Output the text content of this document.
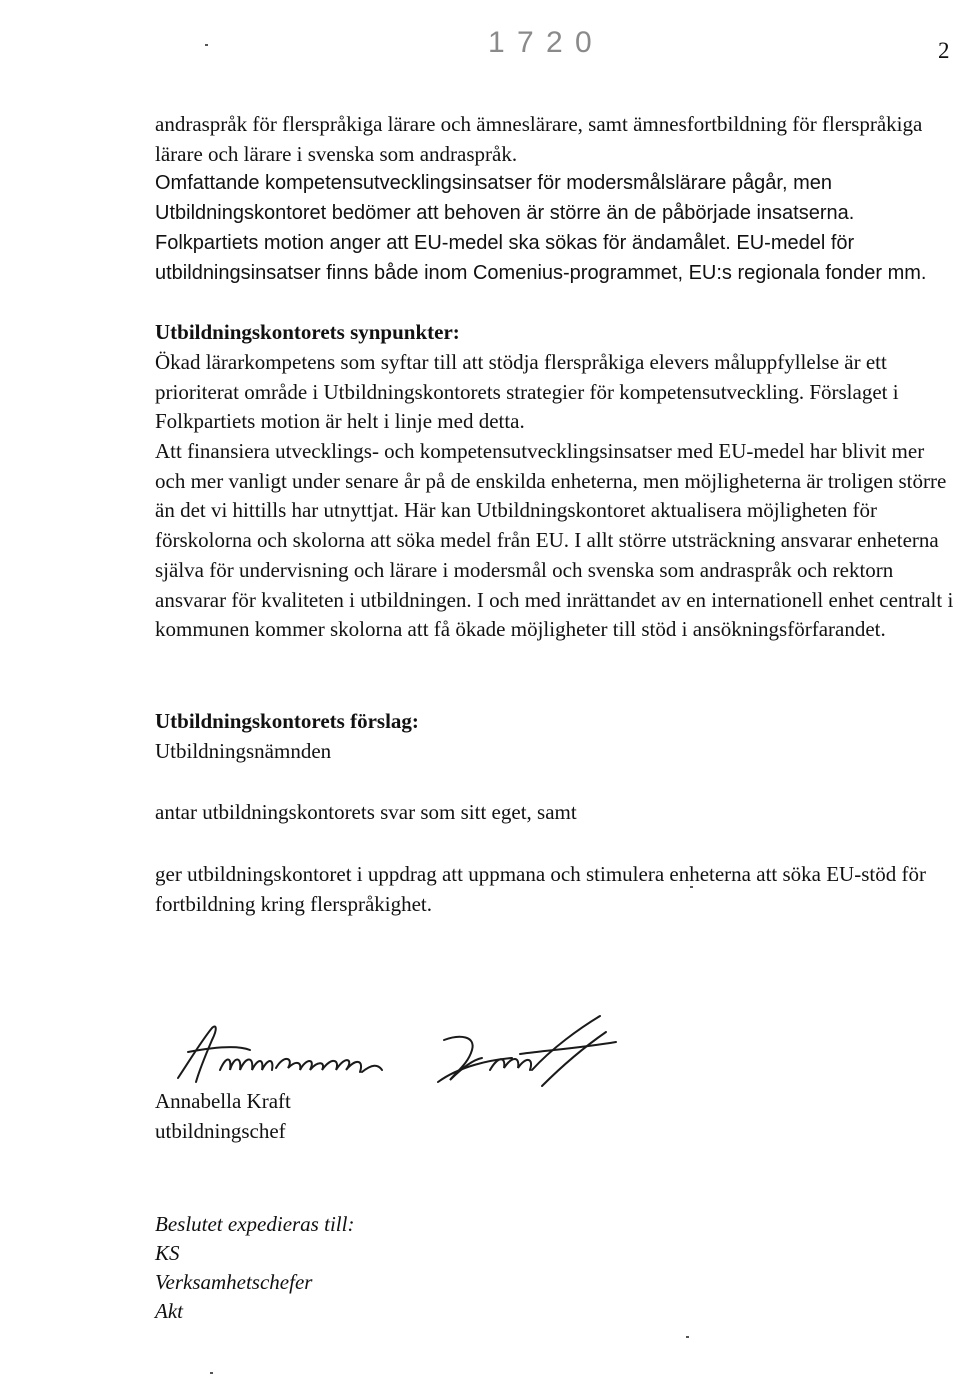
1 7 2 0	2

andraspråk för flerspråkiga lärare och ämneslärare, samt ämnesfortbildning för flerspråkiga lärare och lärare i svenska som andraspråk.

Omfattande kompetensutvecklingsinsatser för modersmålslärare pågår, men Utbildningskontoret bedömer att behoven är större än de påbörjade insatserna.

Folkpartiets motion anger att EU-medel ska sökas för ändamålet. EU-medel för utbildningsinsatser finns både inom Comenius-programmet, EU:s regionala fonder mm.

Utbildningskontorets synpunkter:

Ökad lärarkompetens som syftar till att stödja flerspråkiga elevers måluppfyllelse är ett prioriterat område i Utbildningskontorets strategier för kompetensutveckling. Förslaget i Folkpartiets motion är helt i linje med detta.

Att finansiera utvecklings- och kompetensutvecklingsinsatser med EU-medel har blivit mer och mer vanligt under senare år på de enskilda enheterna, men möjligheterna är troligen större än det vi hittills har utnyttjat. Här kan Utbildningskontoret aktualisera möjligheten för förskolorna och skolorna att söka medel från EU. I allt större utsträckning ansvarar enheterna själva för undervisning och lärare i modersmål och svenska som andraspråk och rektorn ansvarar för kvaliteten i utbildningen. I och med inrättandet av en internationell enhet centralt i kommunen kommer skolorna att få ökade möjligheter till stöd i ansökningsförfarandet.

Utbildningskontorets förslag:

Utbildningsnämnden

antar utbildningskontorets svar som sitt eget, samt

ger utbildningskontoret i uppdrag att uppmana och stimulera enheterna att söka EU-stöd för fortbildning kring flerspråkighet.

Annabella Kraft
utbildningschef
Beslutet expedieras till:
KS
Verksamhetschefer
Akt
